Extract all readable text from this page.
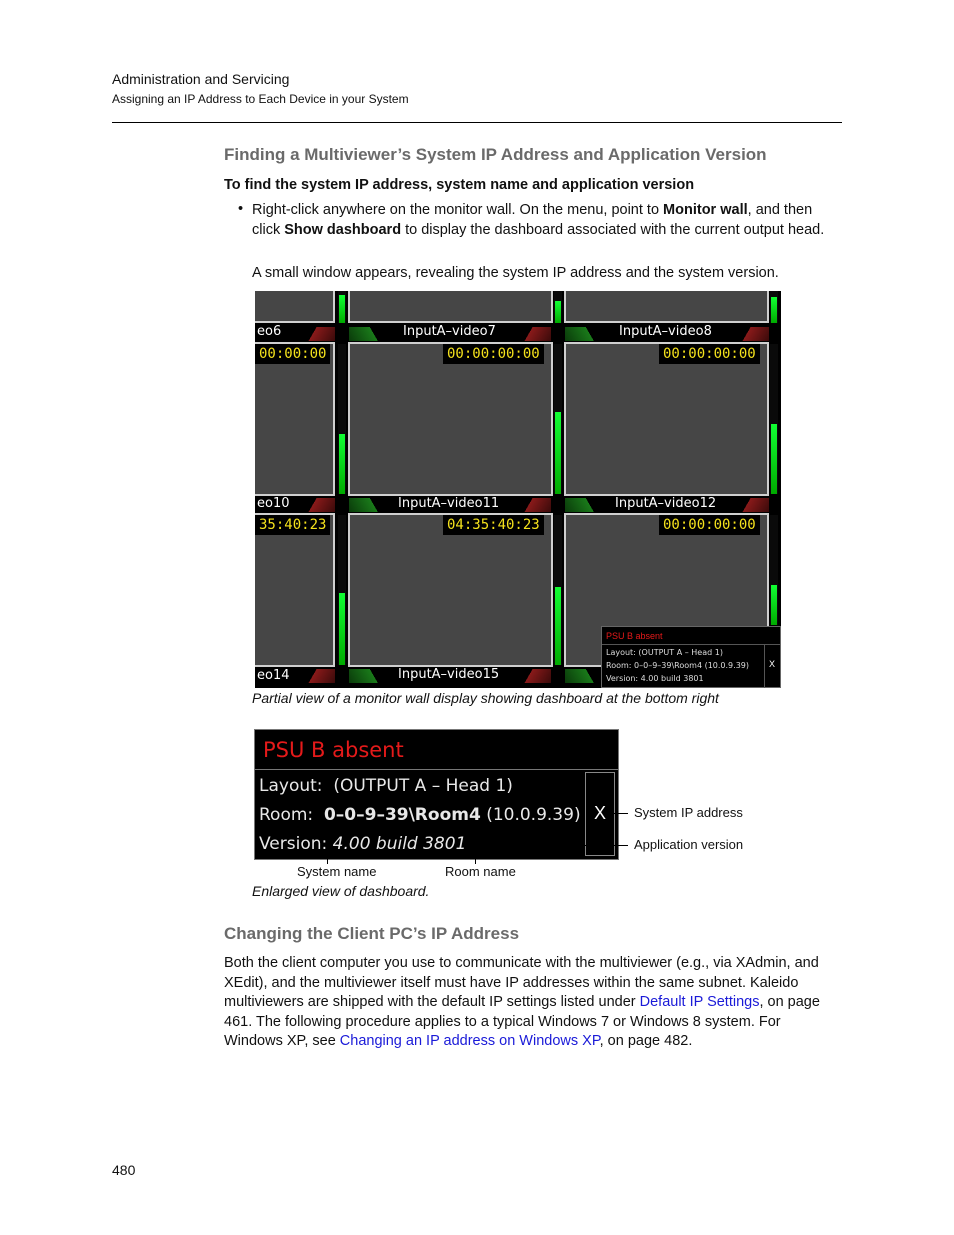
Administration and Servicing
Assigning an IP Address to Each Device in your System
Finding a Multiviewer’s System IP Address and Application Version
To find the system IP address, system name and application version
• Right-click anywhere on the monitor wall. On the menu, point to Monitor wall, and then click Show dashboard to display the dashboard associated with the current output head.
A small window appears, revealing the system IP address and the system version.
eo6	InputA–video7	InputA–video8
00:00:00	00:00:00:00	00:00:00:00
eo10	InputA–video11	InputA–video12
35:40:23	04:35:40:23	00:00:00:00
eo14	InputA–video15
PSU B absent
Layout: (OUTPUT A – Head 1)
Room: 0–0–9–39\Room4 (10.0.9.39)
Version: 4.00 build 3801
X
Partial view of a monitor wall display showing dashboard at the bottom right
PSU B absent
Layout: (OUTPUT A – Head 1)
Room: 0–0–9–39\Room4 (10.0.9.39)
Version: 4.00 build 3801
X System IP address
Application version
System name	Room name
Enlarged view of dashboard.
Changing the Client PC’s IP Address
Both the client computer you use to communicate with the multiviewer (e.g., via XAdmin, and XEdit), and the multiviewer itself must have IP addresses within the same subnet. Kaleido multiviewers are shipped with the default IP settings listed under Default IP Settings, on page 461. The following procedure applies to a typical Windows 7 or Windows 8 system. For Windows XP, see Changing an IP address on Windows XP, on page 482.
480
